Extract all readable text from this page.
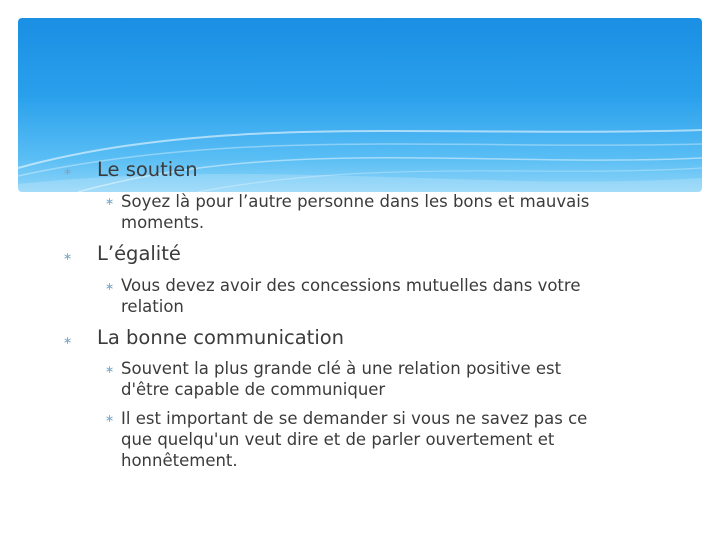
∗ Le soutien

∗ Soyez là pour l’autre personne dans les bons et mauvais

moments.

∗ L’égalité

∗ Vous devez avoir des concessions mutuelles dans votre

relation

∗ La bonne communication

∗ Souvent la plus grande clé à une relation positive est

d'être capable de communiquer

∗ Il est important de se demander si vous ne savez pas ce

que quelqu'un veut dire et de parler ouvertement et

honnêtement.
